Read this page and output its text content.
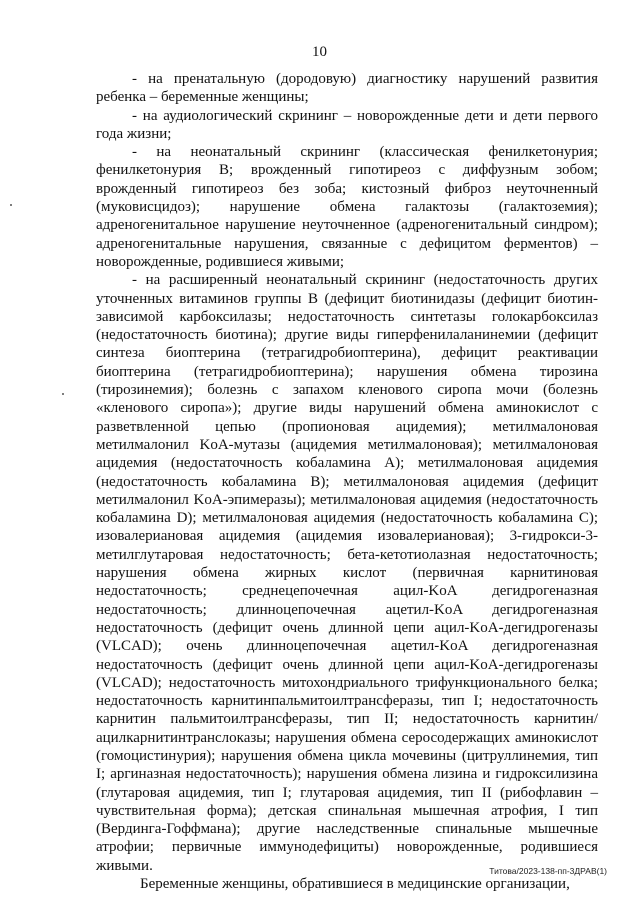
10

- на пренатальную (дородовую) диагностику нарушений развития ребенка – беременные женщины;

- на аудиологический скрининг – новорожденные дети и дети первого года жизни;

- на неонатальный скрининг (классическая фенилкетонурия; фенилкетонурия B; врожденный гипотиреоз с диффузным зобом; врожденный гипотиреоз без зоба; кистозный фиброз неуточненный (муковисцидоз); нарушение обмена галактозы (галактоземия); адреногенитальное нарушение неуточненное (адреногенитальный синдром); адреногенитальные нарушения, связанные с дефицитом ферментов) – новорожденные, родившиеся живыми;

- на расширенный неонатальный скрининг (недостаточность других уточненных витаминов группы B (дефицит биотинидазы (дефицит биотин-зависимой карбоксилазы; недостаточность синтетазы голокарбоксилаз (недостаточность биотина); другие виды гиперфенилаланинемии (дефицит синтеза биоптерина (тетрагидробиоптерина), дефицит реактивации биоптерина (тетрагидробиоптерина); нарушения обмена тирозина (тирозинемия); болезнь с запахом кленового сиропа мочи (болезнь «кленового сиропа»); другие виды нарушений обмена аминокислот с разветвленной цепью (пропионовая ацидемия); метилмалоновая метилмалонил KoA-мутазы (ацидемия метилмалоновая); метилмалоновая ацидемия (недостаточность кобаламина A); метилмалоновая ацидемия (недостаточность кобаламина B); метилмалоновая ацидемия (дефицит метилмалонил KoA-эпимеразы); метилмалоновая ацидемия (недостаточность кобаламина D); метилмалоновая ацидемия (недостаточность кобаламина C); изовалериановая ацидемия (ацидемия изовалериановая); 3-гидрокси-3-метилглутаровая недостаточность; бета-кетотиолазная недостаточность; нарушения обмена жирных кислот (первичная карнитиновая недостаточность; среднецепочечная ацил-KoA дегидрогеназная недостаточность; длинноцепочечная ацетил-KoA дегидрогеназная недостаточность (дефицит очень длинной цепи ацил-KoA-дегидрогеназы (VLCAD); очень длинноцепочечная ацетил-KoA дегидрогеназная недостаточность (дефицит очень длинной цепи ацил-KoA-дегидрогеназы (VLCAD); недостаточность митохондриального трифункционального белка; недостаточность карнитинпальмитоилтрансферазы, тип I; недостаточность карнитин пальмитоилтрансферазы, тип II; недостаточность карнитин/ацилкарнитинтранслоказы; нарушения обмена серосодержащих аминокислот (гомоцистинурия); нарушения обмена цикла мочевины (цитруллинемия, тип I; аргиназная недостаточность); нарушения обмена лизина и гидроксилизина (глутаровая ацидемия, тип I; глутаровая ацидемия, тип II (рибофлавин – чувствительная форма); детская спинальная мышечная атрофия, I тип (Вердинга-Гоффмана); другие наследственные спинальные мышечные атрофии; первичные иммунодефициты) новорожденные, родившиеся живыми.

Беременные женщины, обратившиеся в медицинские организации,

Титова/2023-138-пп-3ДРАВ(1)
